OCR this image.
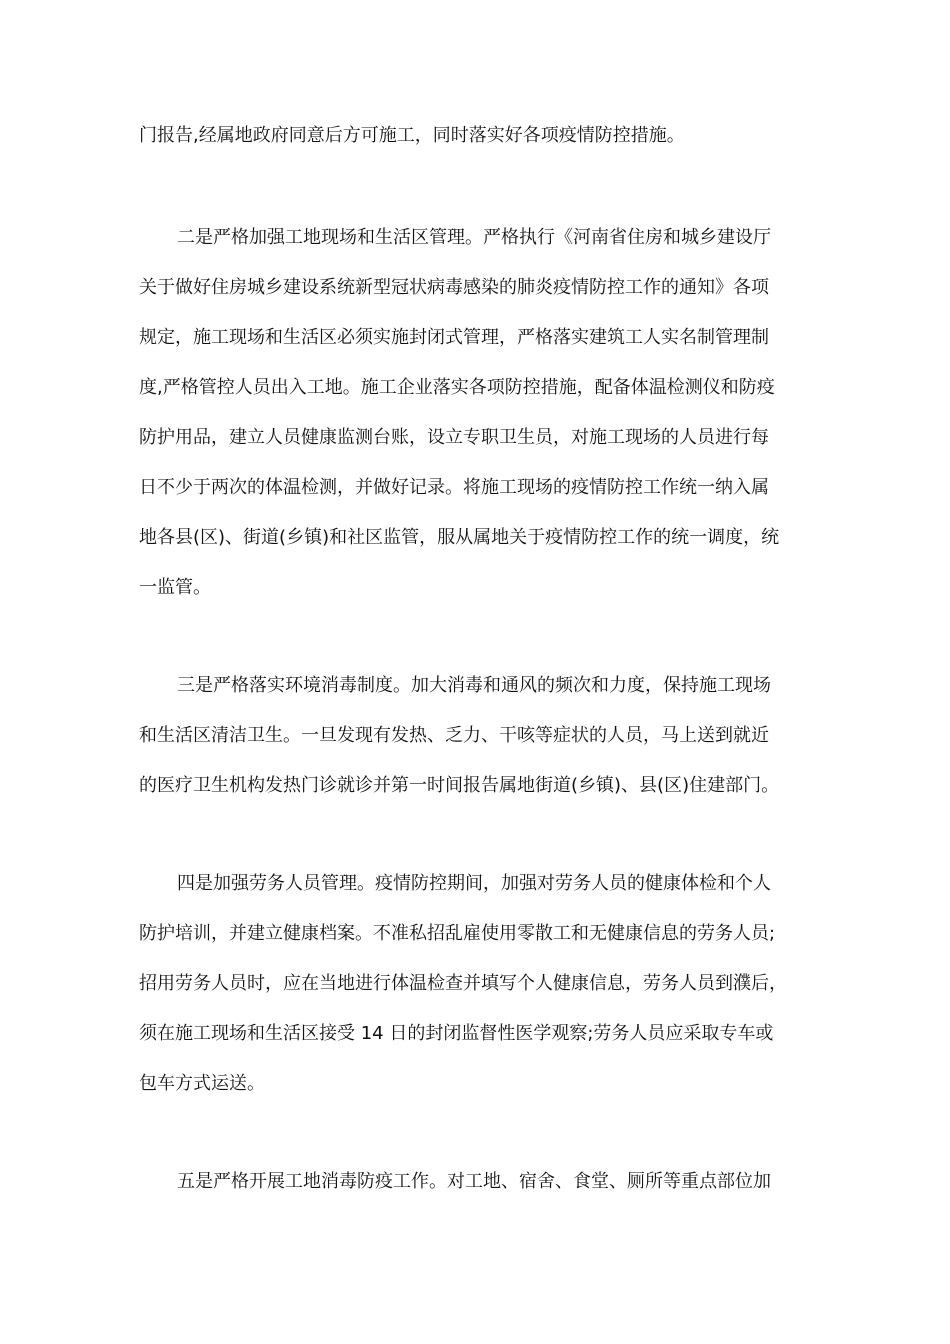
门报告,经属地政府同意后方可施工，同时落实好各项疫情防控措施。
二是严格加强工地现场和生活区管理。严格执行《河南省住房和城乡建设厅
关于做好住房城乡建设系统新型冠状病毒感染的肺炎疫情防控工作的通知》各项
规定，施工现场和生活区必须实施封闭式管理，严格落实建筑工人实名制管理制
度,严格管控人员出入工地。施工企业落实各项防控措施，配备体温检测仪和防疫
防护用品，建立人员健康监测台账，设立专职卫生员，对施工现场的人员进行每
日不少于两次的体温检测，并做好记录。将施工现场的疫情防控工作统一纳入属
地各县(区)、街道(乡镇)和社区监管，服从属地关于疫情防控工作的统一调度，统
一监管。
三是严格落实环境消毒制度。加大消毒和通风的频次和力度，保持施工现场
和生活区清洁卫生。一旦发现有发热、乏力、干咳等症状的人员，马上送到就近
的医疗卫生机构发热门诊就诊并第一时间报告属地街道(乡镇)、县(区)住建部门。
四是加强劳务人员管理。疫情防控期间，加强对劳务人员的健康体检和个人
防护培训，并建立健康档案。不准私招乱雇使用零散工和无健康信息的劳务人员;
招用劳务人员时，应在当地进行体温检查并填写个人健康信息，劳务人员到濮后，
须在施工现场和生活区接受 14 日的封闭监督性医学观察;劳务人员应采取专车或
包车方式运送。
五是严格开展工地消毒防疫工作。对工地、宿舍、食堂、厕所等重点部位加
